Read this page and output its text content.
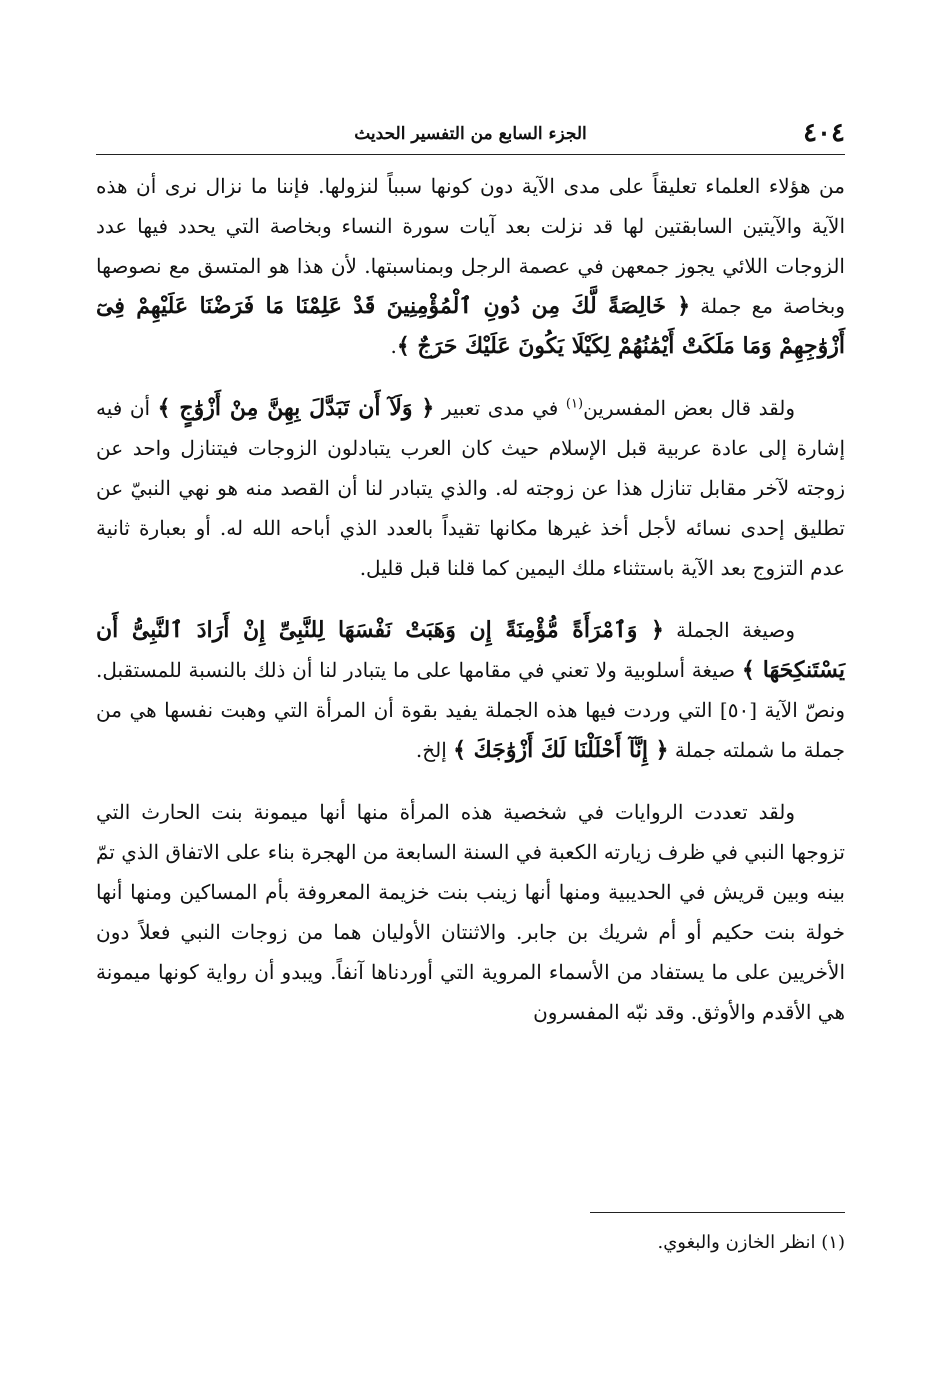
٤٠٤
الجزء السابع من التفسير الحديث

من هؤلاء العلماء تعليقاً على مدى الآية دون كونها سبباً لنزولها. فإننا ما نزال نرى أن هذه الآية والآيتين السابقتين لها قد نزلت بعد آيات سورة النساء وبخاصة التي يحدد فيها عدد الزوجات اللائي يجوز جمعهن في عصمة الرجل وبمناسبتها. لأن هذا هو المتسق مع نصوصها وبخاصة مع جملة ﴿ خَالِصَةً لَّكَ مِن دُونِ ٱلْمُؤْمِنِينَ قَدْ عَلِمْنَا مَا فَرَضْنَا عَلَيْهِمْ فِىٓ أَزْوَٰجِهِمْ وَمَا مَلَكَتْ أَيْمَٰنُهُمْ لِكَيْلَا يَكُونَ عَلَيْكَ حَرَجٌ ﴾.

ولقد قال بعض المفسرين$^{(١)}$ في مدى تعبير ﴿ وَلَآ أَن تَبَدَّلَ بِهِنَّ مِنْ أَزْوَٰجٍ ﴾ أن فيه إشارة إلى عادة عربية قبل الإسلام حيث كان العرب يتبادلون الزوجات فيتنازل واحد عن زوجته لآخر مقابل تنازل هذا عن زوجته له. والذي يتبادر لنا أن القصد منه هو نهي النبيّ عن تطليق إحدى نسائه لأجل أخذ غيرها مكانها تقيداً بالعدد الذي أباحه الله له. أو بعبارة ثانية عدم التزوج بعد الآية باستثناء ملك اليمين كما قلنا قبل قليل.

وصيغة الجملة ﴿ وَٱمْرَأَةً مُّؤْمِنَةً إِن وَهَبَتْ نَفْسَهَا لِلنَّبِىِّ إِنْ أَرَادَ ٱلنَّبِىُّ أَن يَسْتَنكِحَهَا ﴾ صيغة أسلوبية ولا تعني في مقامها على ما يتبادر لنا أن ذلك بالنسبة للمستقبل. ونصّ الآية [٥٠] التي وردت فيها هذه الجملة يفيد بقوة أن المرأة التي وهبت نفسها هي من جملة ما شملته جملة ﴿ إِنَّآ أَحْلَلْنَا لَكَ أَزْوَٰجَكَ ﴾ إلخ.

ولقد تعددت الروايات في شخصية هذه المرأة منها أنها ميمونة بنت الحارث التي تزوجها النبي في ظرف زيارته الكعبة في السنة السابعة من الهجرة بناء على الاتفاق الذي تمّ بينه وبين قريش في الحديبية ومنها أنها زينب بنت خزيمة المعروفة بأم المساكين ومنها أنها خولة بنت حكيم أو أم شريك بن جابر. والاثنتان الأوليان هما من زوجات النبي فعلاً دون الأخريين على ما يستفاد من الأسماء المروية التي أوردناها آنفاً. ويبدو أن رواية كونها ميمونة هي الأقدم والأوثق. وقد نبّه المفسرون

(١) انظر الخازن والبغوي.
